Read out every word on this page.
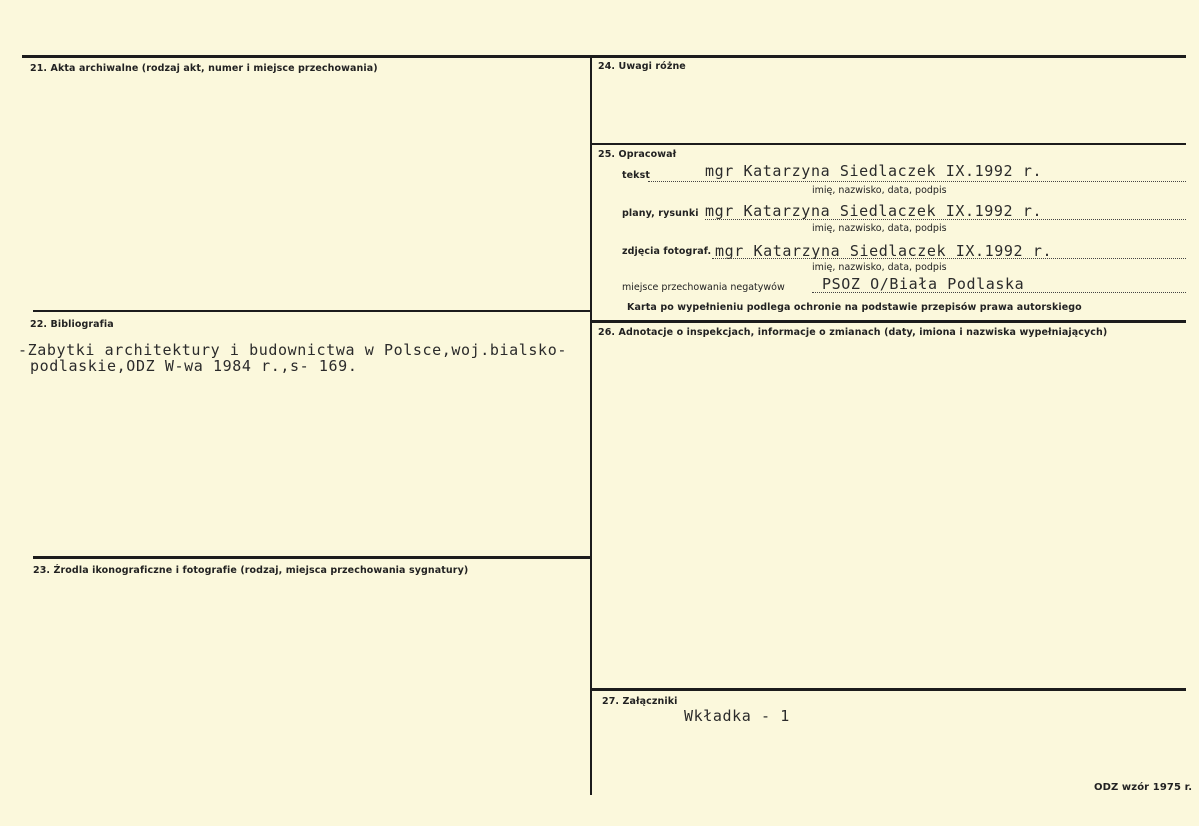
21. Akta archiwalne (rodzaj akt, numer i miejsce przechowania)
22. Bibliografia
-Zabytki architektury i budownictwa w Polsce,woj.bialsko-
podlaskie,ODZ W-wa 1984 r.,s- 169.
23. Źrodla ikonograficzne i fotografie (rodzaj, miejsca przechowania sygnatury)
24. Uwagi różne
25. Opracował
tekst	mgr Katarzyna Siedlaczek IX.1992 r.
imię, nazwisko, data, podpis
plany, rysunki mgr Katarzyna Siedlaczek IX.1992 r.
imię, nazwisko, data, podpis
zdjęcia fotograf. mgr Katarzyna Siedlaczek IX.1992 r.
imię, nazwisko, data, podpis
miejsce przechowania negatywów PSOZ O/Biała Podlaska
Karta po wypełnieniu podlega ochronie na podstawie przepisów prawa autorskiego
26. Adnotacje o inspekcjach, informacje o zmianach (daty, imiona i nazwiska wypełniających)
27. Załączniki
Wkładka - 1
ODZ wzór 1975 r.
